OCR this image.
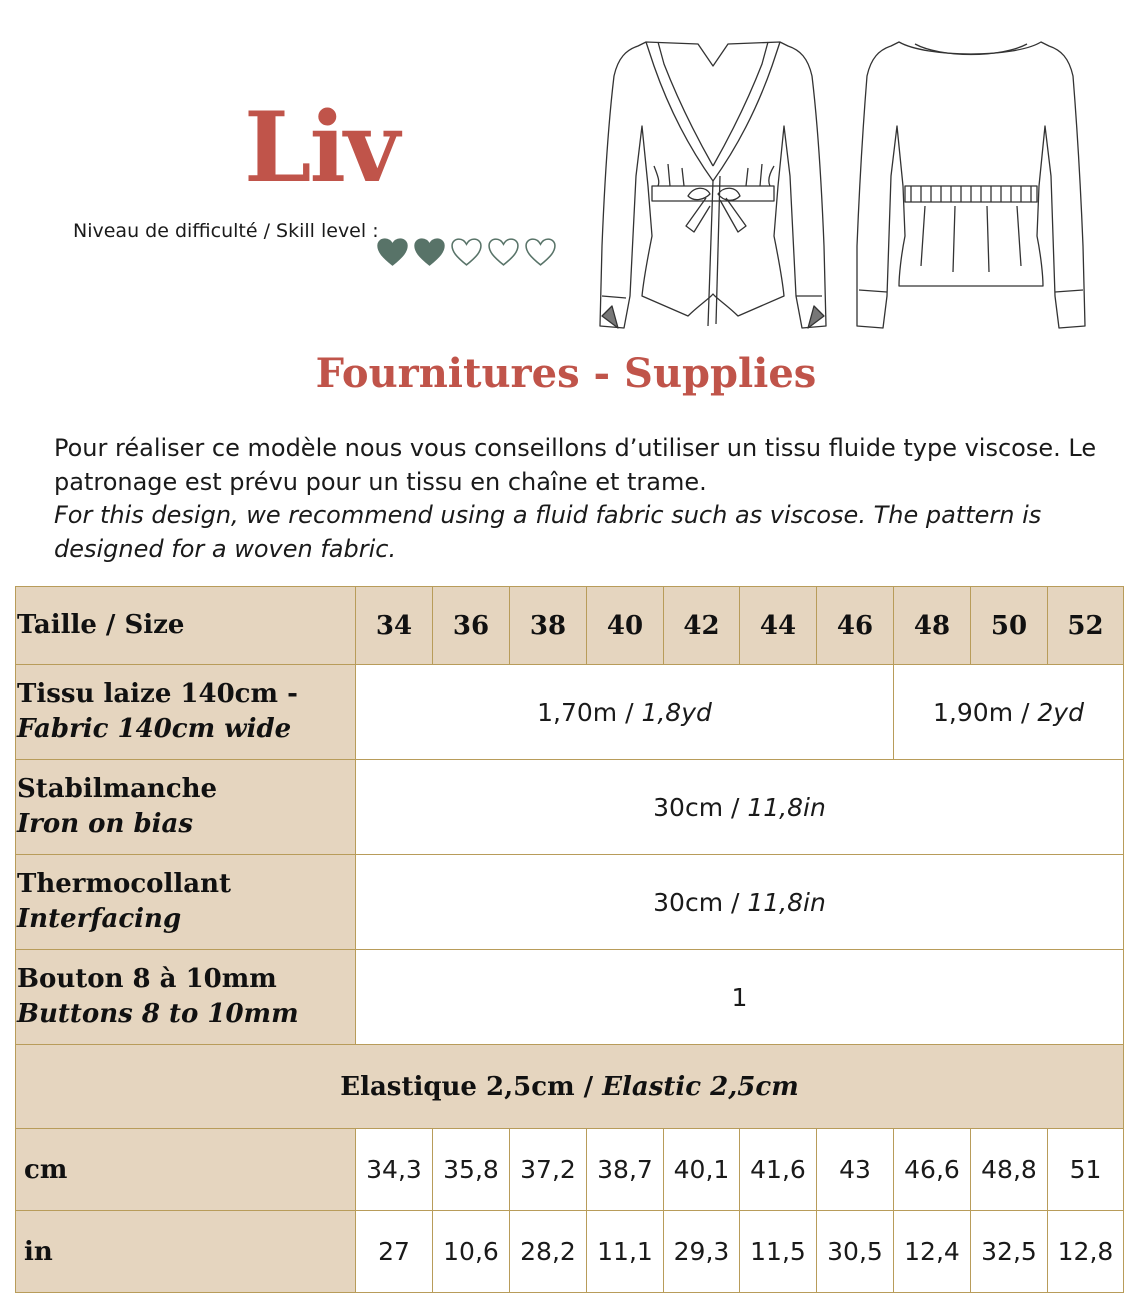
Liv
Niveau de difficulté / Skill level :
Fournitures - Supplies
Pour réaliser ce modèle nous vous conseillons d’utiliser un tissu fluide type viscose. Le patronage est prévu pour un tissu en chaîne et trame.
For this design, we recommend using a fluid fabric such as viscose. The pattern is designed for a woven fabric.
Taille / Size	34	36	38	40	42	44	46	48	50	52
Tissu laize 140cm -
Fabric 140cm wide	1,70m / 1,8yd							1,90m / 2yd		
Stabilmanche
Iron on bias	30cm / 11,8in									
Thermocollant
Interfacing	30cm / 11,8in									
Bouton 8 à 10mm
Buttons 8 to 10mm	1									
Elastique 2,5cm / Elastic 2,5cm										
cm	34,3	35,8	37,2	38,7	40,1	41,6	43	46,6	48,8	51
in	27	10,6	28,2	11,1	29,3	11,5	30,5	12,4	32,5	12,8
